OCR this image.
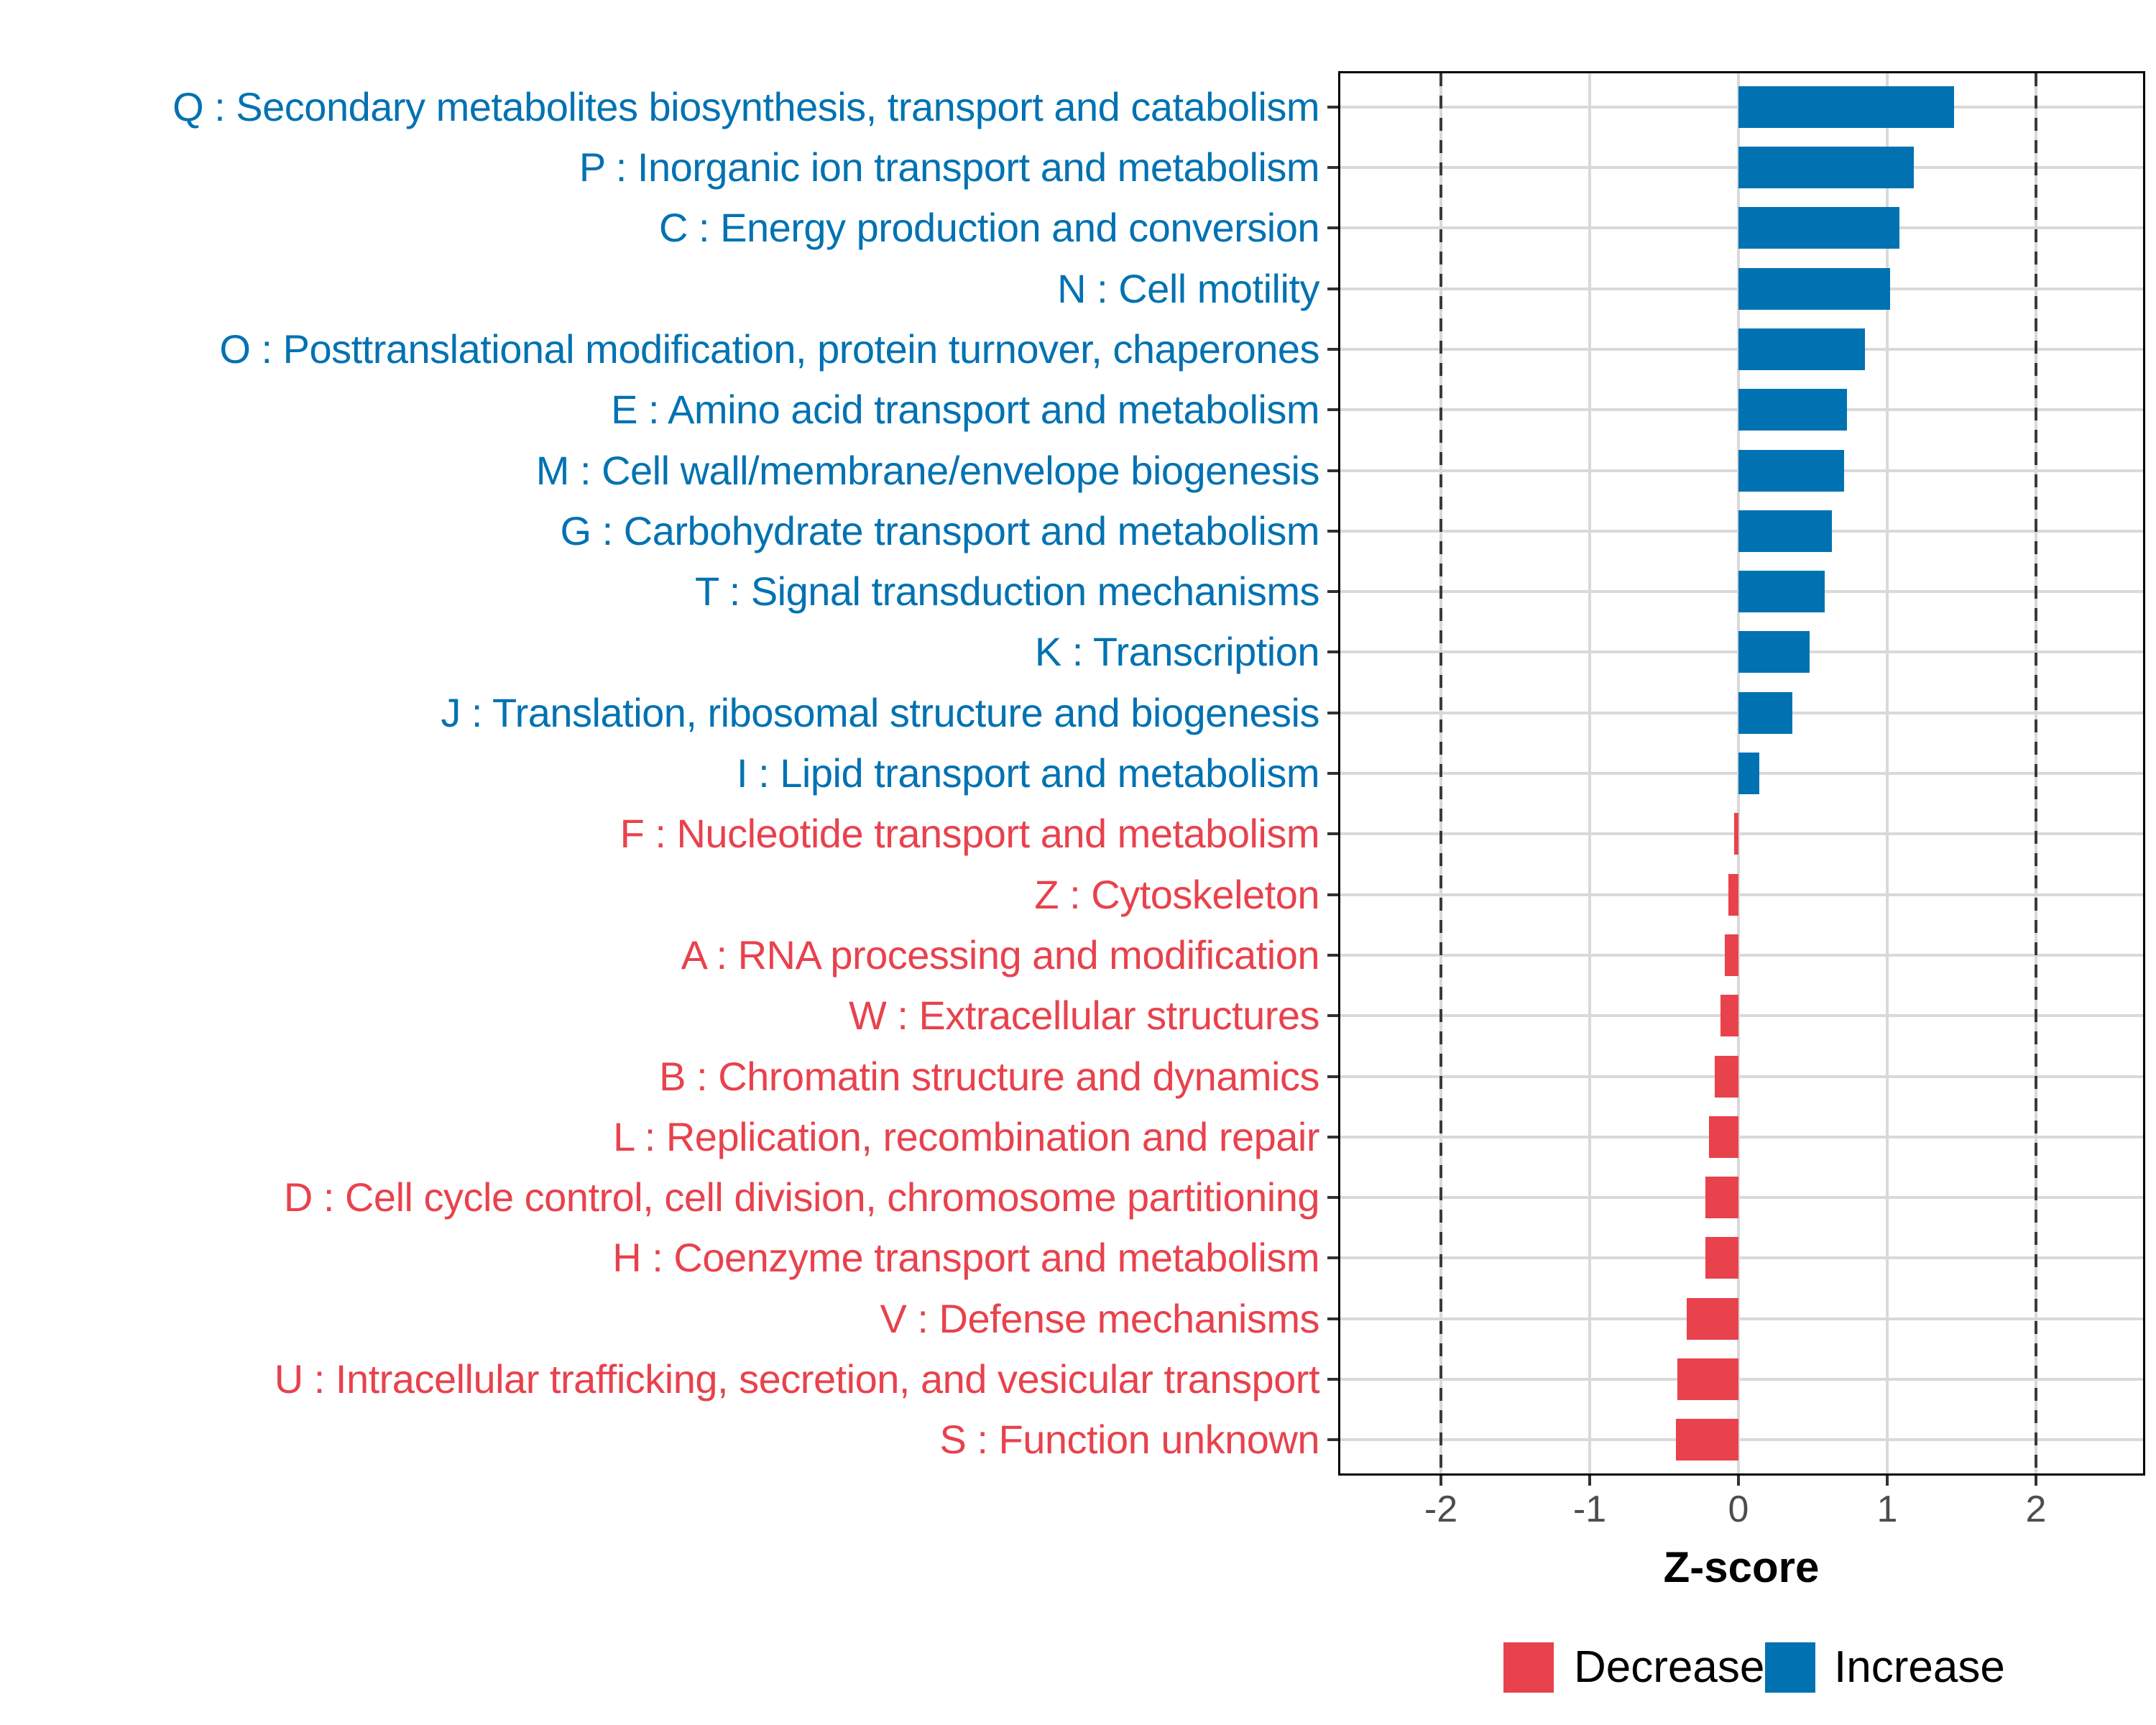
Q : Secondary metabolites biosynthesis, transport and catabolism
P : Inorganic ion transport and metabolism
C : Energy production and conversion
N : Cell motility
O : Posttranslational modification, protein turnover, chaperones
E : Amino acid transport and metabolism
M : Cell wall/membrane/envelope biogenesis
G : Carbohydrate transport and metabolism
T : Signal transduction mechanisms
K : Transcription
J : Translation, ribosomal structure and biogenesis
I : Lipid transport and metabolism
F : Nucleotide transport and metabolism
Z : Cytoskeleton
A : RNA processing and modification
W : Extracellular structures
B : Chromatin structure and dynamics
L : Replication, recombination and repair
D : Cell cycle control, cell division, chromosome partitioning
H : Coenzyme transport and metabolism
V : Defense mechanisms
U : Intracellular trafficking, secretion, and vesicular transport
S : Function unknown
-2	-1	0	1	2
Z-score
Decrease Increase
